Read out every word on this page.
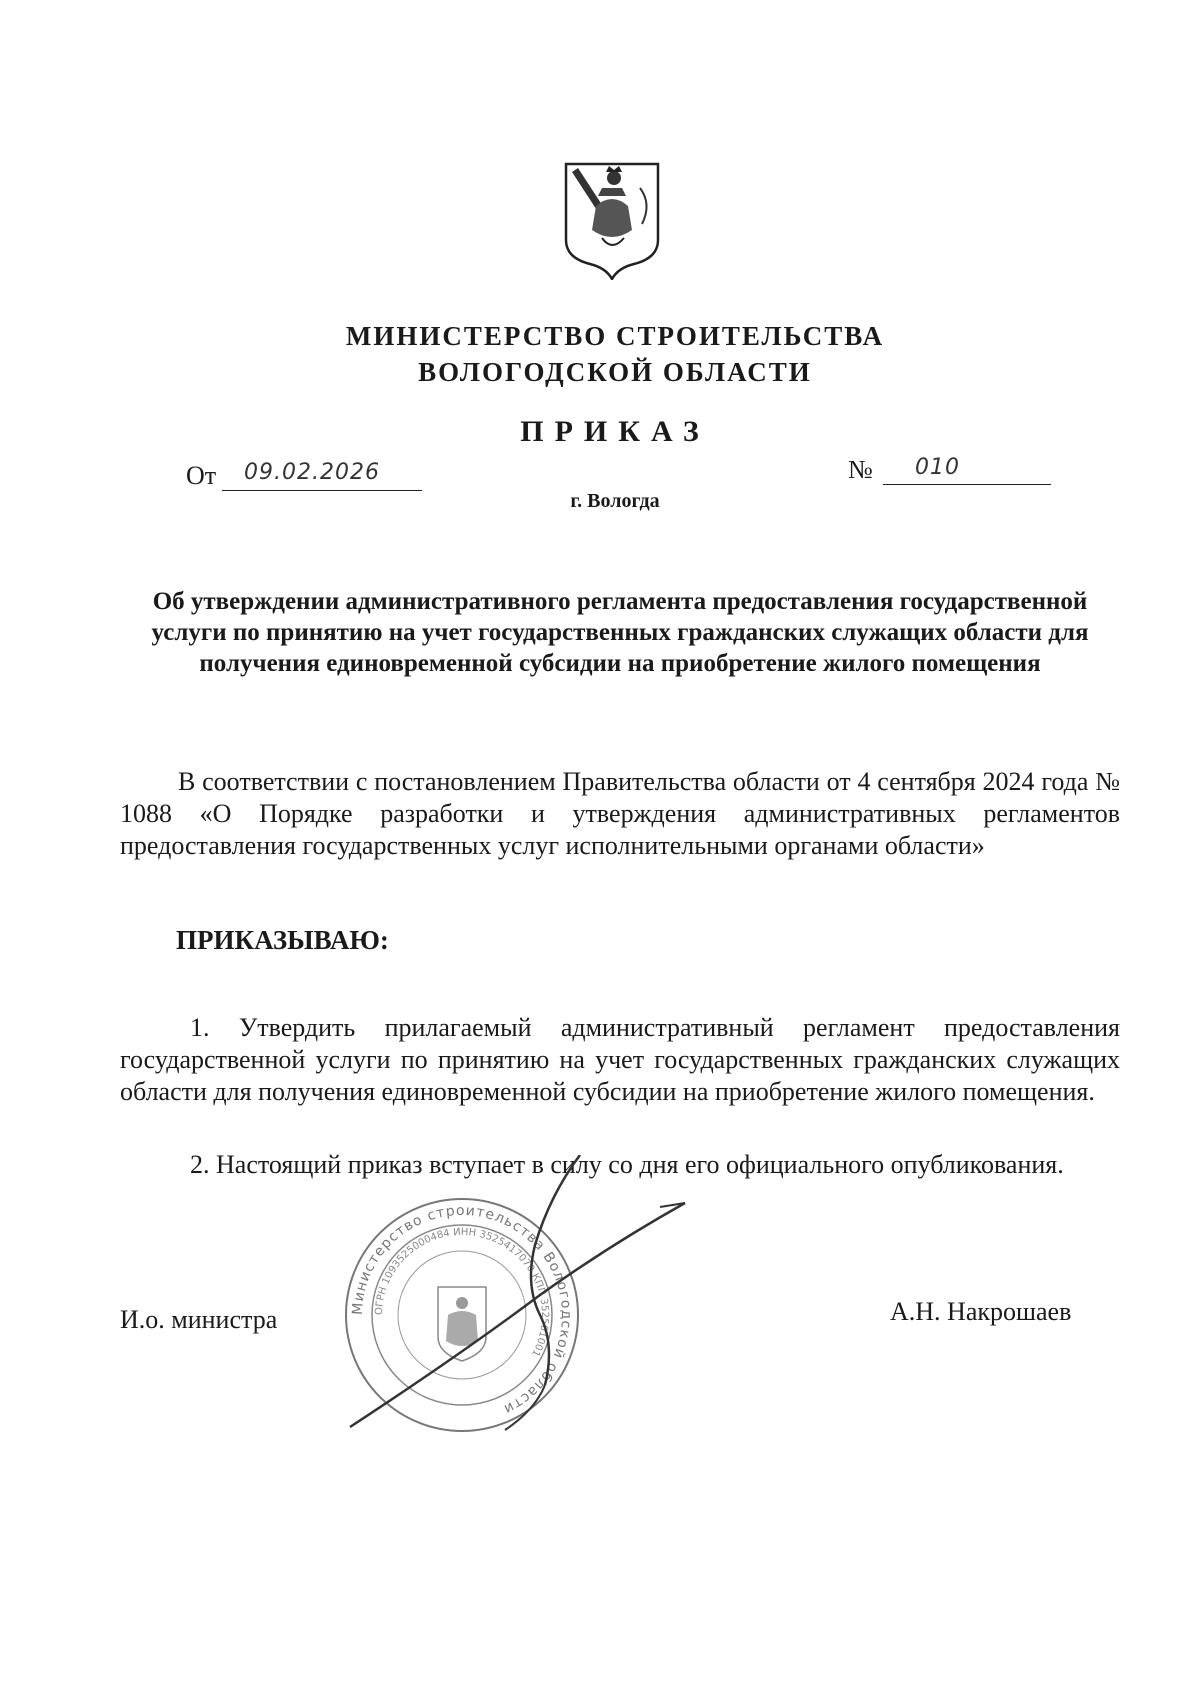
МИНИСТЕРСТВО СТРОИТЕЛЬСТВА
ВОЛОГОДСКОЙ ОБЛАСТИ
ПРИКАЗ
От 09.02.2026	№ 010
г. Вологда
Об утверждении административного регламента предоставления государственной услуги по принятию на учет государственных гражданских служащих области для получения единовременной субсидии на приобретение жилого помещения
В соответствии с постановлением Правительства области от 4 сентября 2024 года № 1088 «О Порядке разработки и утверждения административных регламентов предоставления государственных услуг исполнительными органами области»
ПРИКАЗЫВАЮ:
1. Утвердить прилагаемый административный регламент предоставления государственной услуги по принятию на учет государственных гражданских служащих области для получения единовременной субсидии на приобретение жилого помещения.
2. Настоящий приказ вступает в силу со дня его официального опубликования.
И.о. министра	А.Н. Накрошаев
Министерство строительства Вологодской области
ОГРН 1093525000484 ИНН 3525417070 КПП 352501001
